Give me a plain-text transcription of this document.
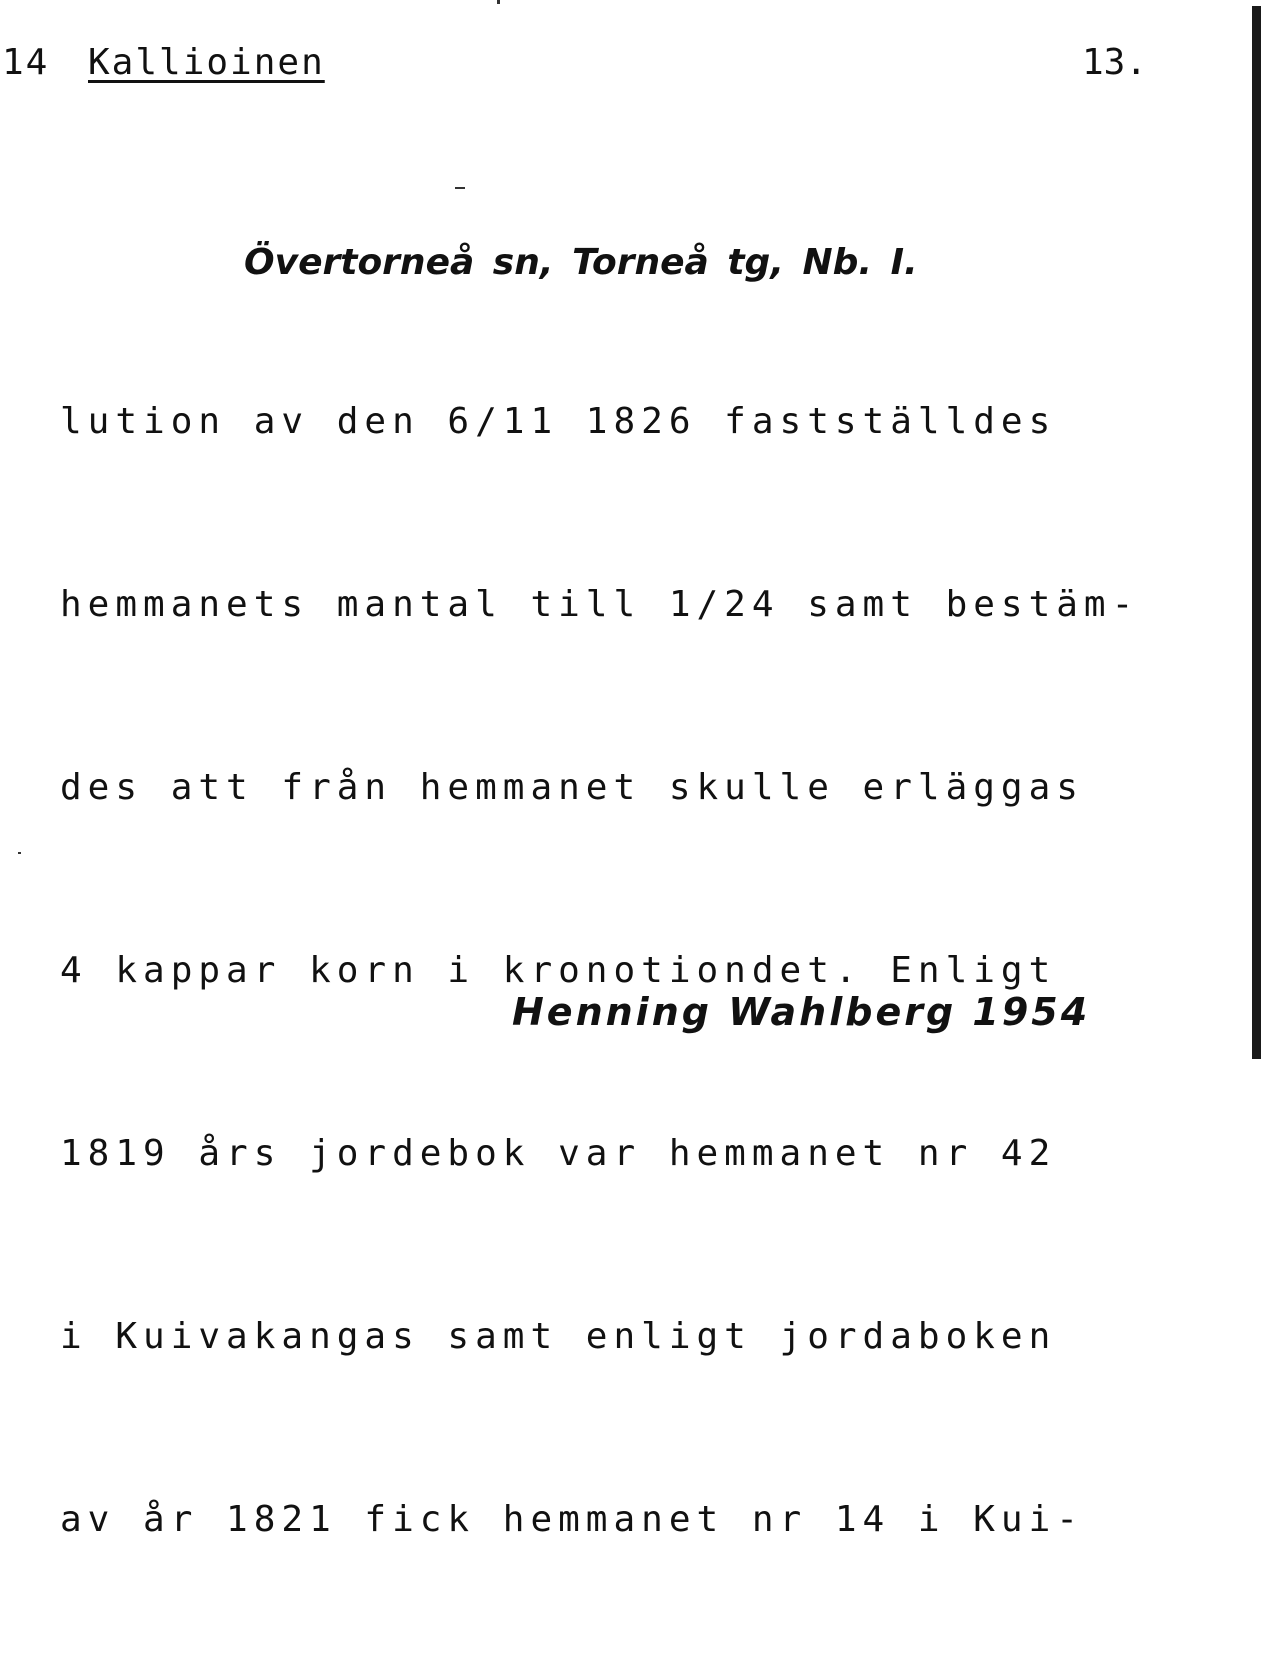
14 Kallioinen	13.
Övertorneå sn, Torneå tg, Nb. I.

lution av den 6/11 1826 fastställdes

hemmanets mantal till 1/24 samt bestäm-

des att från hemmanet skulle erläggas

4 kappar korn i kronotiondet. Enligt

1819 års jordebok var hemmanet nr 42

i Kuivakangas samt enligt jordaboken

av år 1821 fick hemmanet nr 14 i Kui-

Henning Wahlberg 1954
